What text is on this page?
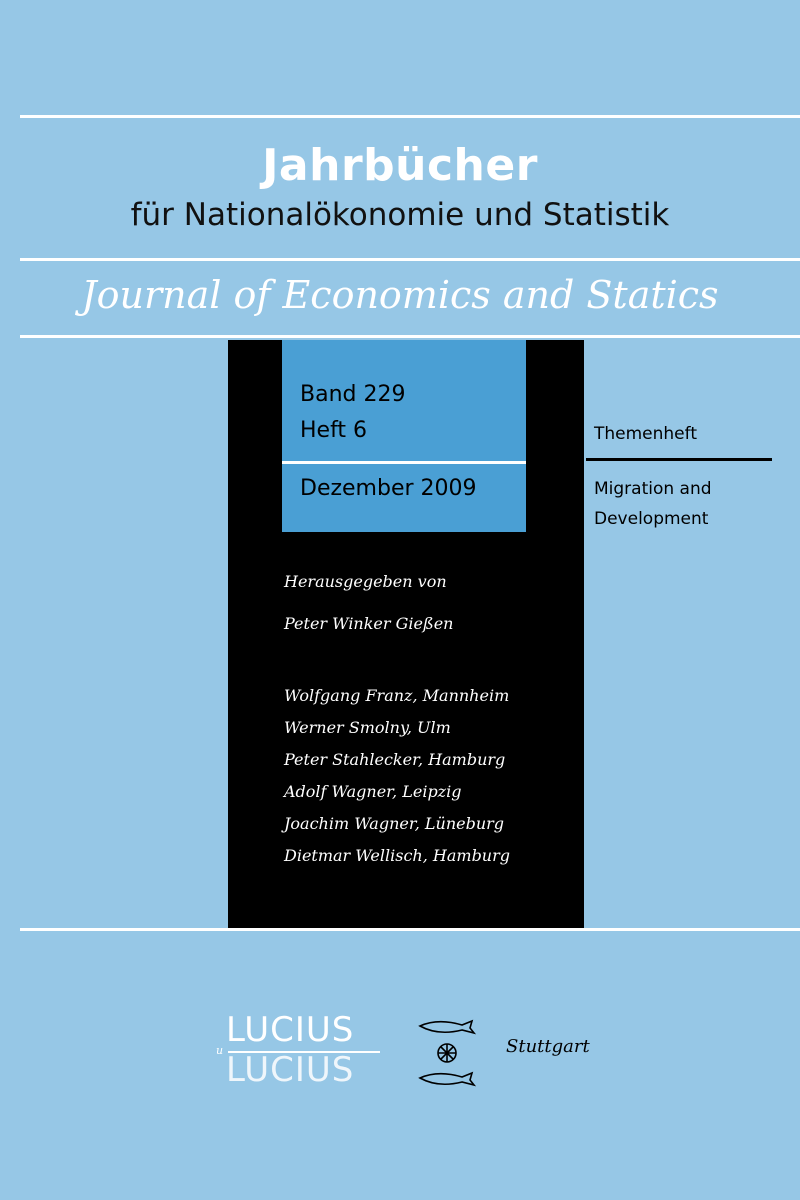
Jahrbücher
für Nationalökonomie und Statistik
Journal of Economics and Statics
Band 229
Heft 6
Dezember 2009
Herausgegeben von
Peter Winker Gießen
Wolfgang Franz, Mannheim
Werner Smolny, Ulm
Peter Stahlecker, Hamburg
Adolf Wagner, Leipzig
Joachim Wagner, Lüneburg
Dietmar Wellisch, Hamburg
Themenheft
Migration and Development
LUCIUS
u LUCIUS
Stuttgart
